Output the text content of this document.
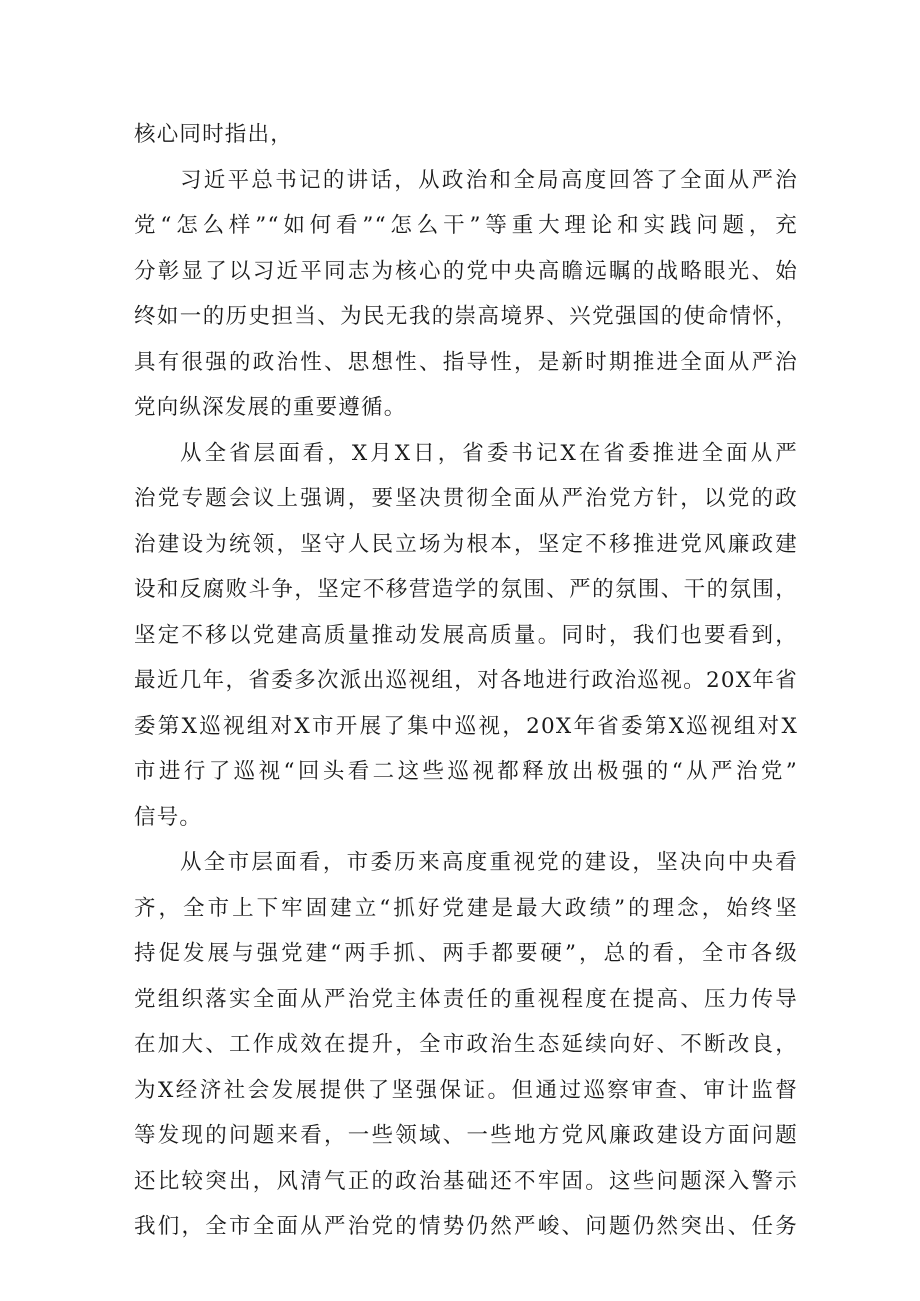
核心同时指出，
习近平总书记的讲话，从政治和全局高度回答了全面从严治
党“怎么样”“如何看”“怎么干”等重大理论和实践问题，充
分彰显了以习近平同志为核心的党中央高瞻远瞩的战略眼光、始
终如一的历史担当、为民无我的崇高境界、兴党强国的使命情怀，
具有很强的政治性、思想性、指导性，是新时期推进全面从严治
党向纵深发展的重要遵循。
从全省层面看，X月X日，省委书记X在省委推进全面从严
治党专题会议上强调，要坚决贯彻全面从严治党方针，以党的政
治建设为统领，坚守人民立场为根本，坚定不移推进党风廉政建
设和反腐败斗争，坚定不移营造学的氛围、严的氛围、干的氛围，
坚定不移以党建高质量推动发展高质量。同时，我们也要看到，
最近几年，省委多次派出巡视组，对各地进行政治巡视。20X年省
委第X巡视组对X市开展了集中巡视，20X年省委第X巡视组对X
市进行了巡视“回头看二这些巡视都释放出极强的“从严治党”
信号。
从全市层面看，市委历来高度重视党的建设，坚决向中央看
齐，全市上下牢固建立“抓好党建是最大政绩”的理念，始终坚
持促发展与强党建“两手抓、两手都要硬”，总的看，全市各级
党组织落实全面从严治党主体责任的重视程度在提高、压力传导
在加大、工作成效在提升，全市政治生态延续向好、不断改良，
为X经济社会发展提供了坚强保证。但通过巡察审查、审计监督
等发现的问题来看，一些领域、一些地方党风廉政建设方面问题
还比较突出，风清气正的政治基础还不牢固。这些问题深入警示
我们，全市全面从严治党的情势仍然严峻、问题仍然突出、任务
